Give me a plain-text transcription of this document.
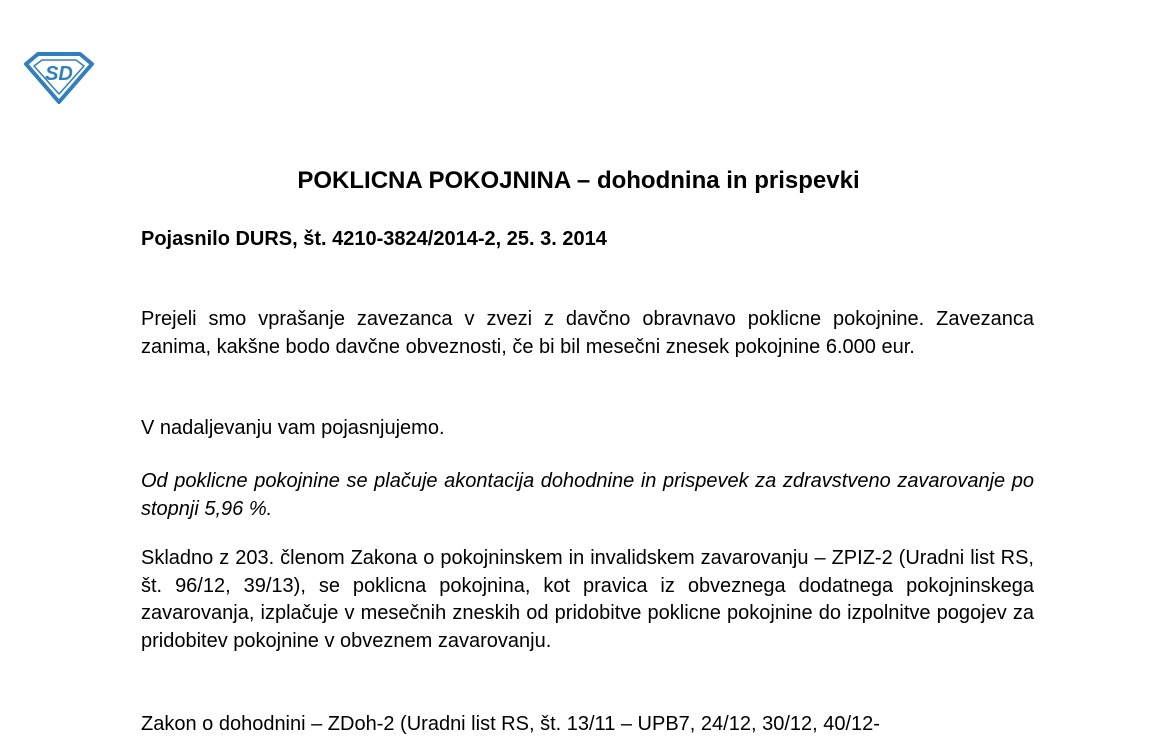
SD
POKLICNA POKOJNINA – dohodnina in prispevki

Pojasnilo DURS, št. 4210-3824/2014-2, 25. 3. 2014

Prejeli smo vprašanje zavezanca v zvezi z davčno obravnavo poklicne pokojnine. Zavezanca zanima, kakšne bodo davčne obveznosti, če bi bil mesečni znesek pokojnine 6.000 eur.

V nadaljevanju vam pojasnjujemo.

Od poklicne pokojnine se plačuje akontacija dohodnine in prispevek za zdravstveno zavarovanje po stopnji 5,96 %.

Skladno z 203. členom Zakona o pokojninskem in invalidskem zavarovanju – ZPIZ-2 (Uradni list RS, št. 96/12, 39/13), se poklicna pokojnina, kot pravica iz obveznega dodatnega pokojninskega zavarovanja, izplačuje v mesečnih zneskih od pridobitve poklicne pokojnine do izpolnitve pogojev za pridobitev pokojnine v obveznem zavarovanju.

Zakon o dohodnini – ZDoh-2 (Uradni list RS, št. 13/11 – UPB7, 24/12, 30/12, 40/12-
